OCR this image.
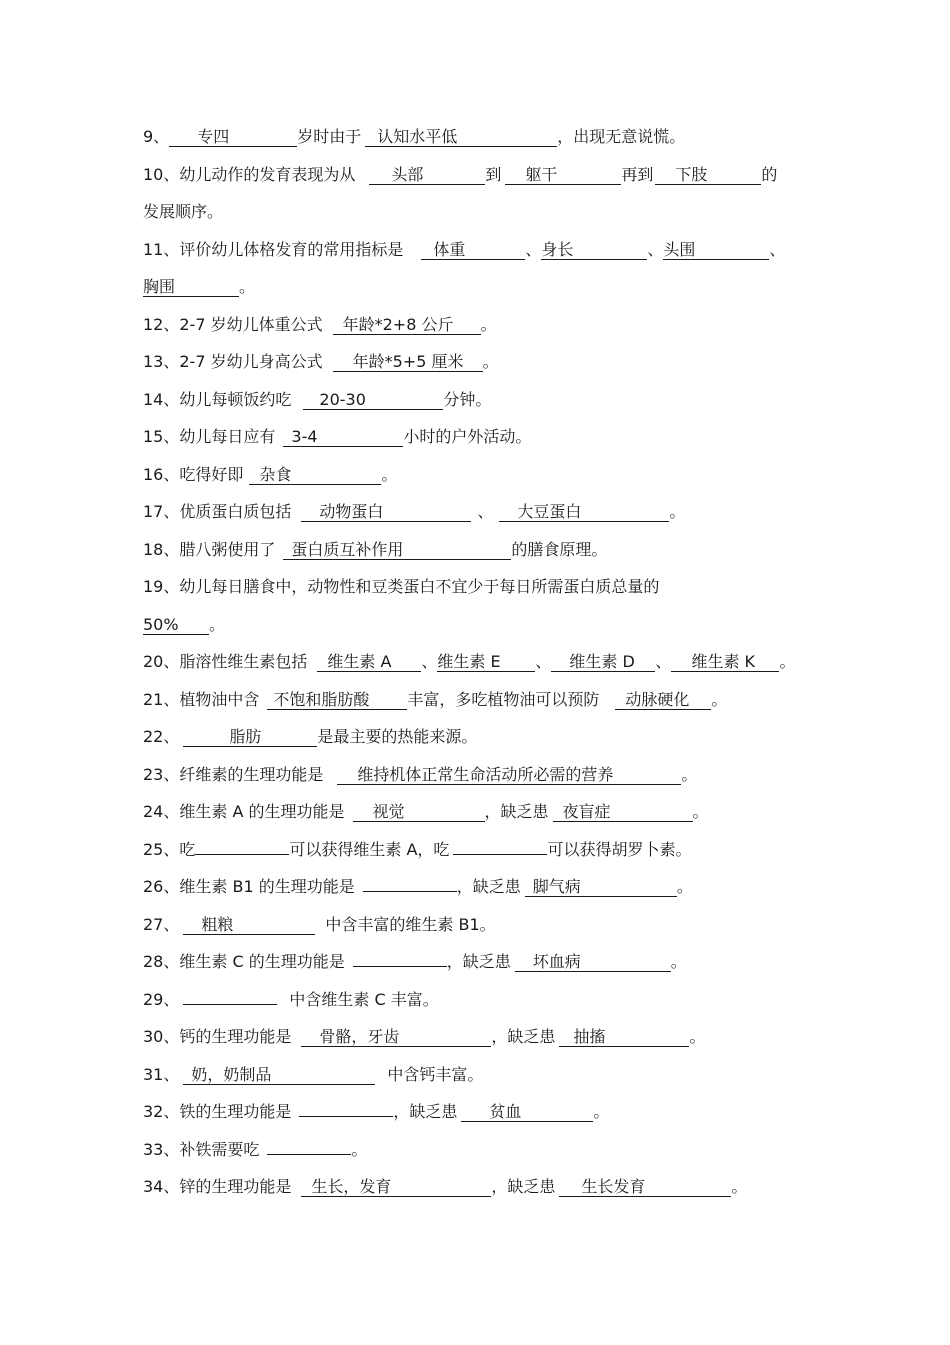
9、 专四	岁时由于 认知水平低	，出现无意说慌。
10、幼儿动作的发育表现为从 头部	到 躯干	再到 下肢	的
发展顺序。
11、评价幼儿体格发育的常用指标是 体重	、身长	、头围	、
胸围	。
12、2-7 岁幼儿体重公式 年龄*2+8 公斤 。
13、2-7 岁幼儿身高公式 年龄*5+5 厘米 。
14、幼儿每顿饭约吃 20-30	分钟。
15、幼儿每日应有 3-4	小时的户外活动。
16、吃得好即 杂食	。
17、优质蛋白质包括 动物蛋白	、 大豆蛋白	。
18、腊八粥使用了 蛋白质互补作用	的膳食原理。
19、幼儿每日膳食中，动物性和豆类蛋白不宜少于每日所需蛋白质总量的
50% 。
20、脂溶性维生素包括 维生素 A 、维生素 E 、 维生素 D 、 维生素 K 。
21、植物油中含 不饱和脂肪酸 丰富，多吃植物油可以预防 动脉硬化 。
22、	脂肪	是最主要的热能来源。
23、纤维素的生理功能是 维持机体正常生命活动所必需的营养	。
24、维生素 A 的生理功能是 视觉	，缺乏患 夜盲症	。
25、吃	可以获得维生素 A，吃	可以获得胡罗卜素。
26、维生素 B1 的生理功能是	，缺乏患 脚气病	。
27、 粗粮	中含丰富的维生素 B1。
28、维生素 C 的生理功能是	，缺乏患 坏血病	。
29、	中含维生素 C 丰富。
30、钙的生理功能是 骨骼，牙齿	，缺乏患 抽搐	。
31、 奶，奶制品	中含钙丰富。
32、铁的生理功能是	，缺乏患 贫血	。
33、补铁需要吃	。
34、锌的生理功能是 生长，发育	，缺乏患 生长发育	。
